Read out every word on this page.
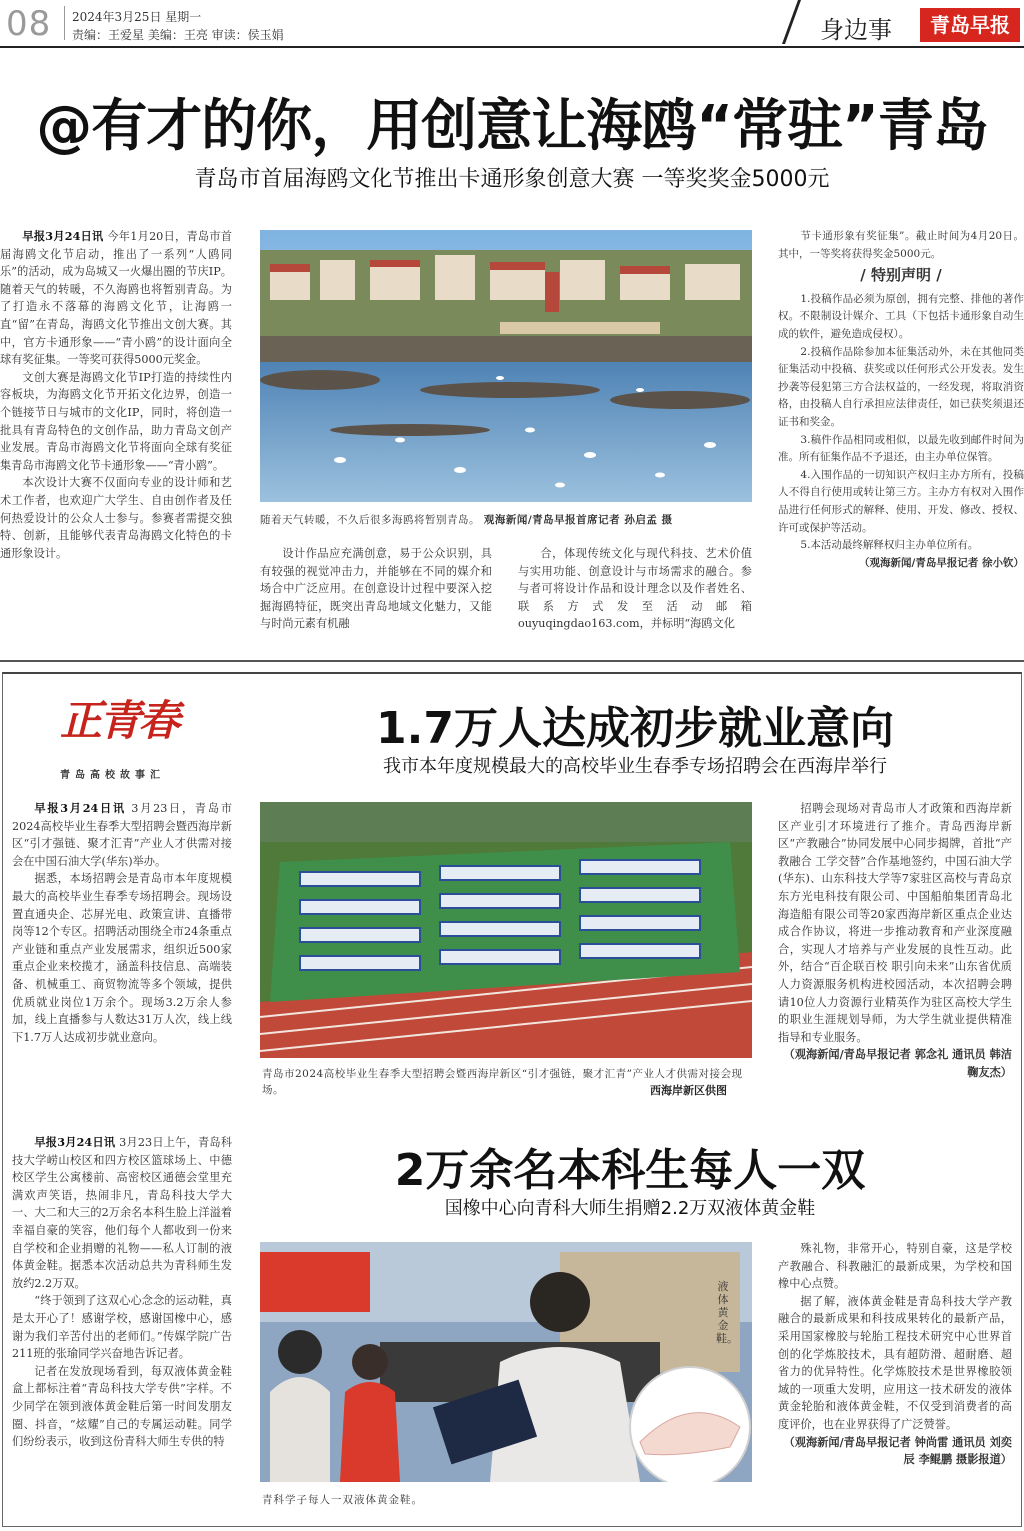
08 2024年3月25日 星期一
责编：王爱星 美编：王亮 审读：侯玉娟	身边事	青岛早报
@有才的你，用创意让海鸥“常驻”青岛
青岛市首届海鸥文化节推出卡通形象创意大赛 一等奖奖金5000元

早报3月24日讯 今年1月20日，青岛市首届海鸥文化节启动，推出了一系列“人鸥同乐”的活动，成为岛城又一火爆出圈的节庆IP。随着天气的转暖，不久海鸥也将暂别青岛。为了打造永不落幕的海鸥文化节，让海鸥一直“留”在青岛，海鸥文化节推出文创大赛。其中，官方卡通形象——“青小鸥”的设计面向全球有奖征集。一等奖可获得5000元奖金。

文创大赛是海鸥文化节IP打造的持续性内容板块，为海鸥文化节开拓文化边界，创造一个链接节日与城市的文化IP，同时，将创造一批具有青岛特色的文创作品，助力青岛文创产业发展。青岛市海鸥文化节将面向全球有奖征集青岛市海鸥文化节卡通形象——“青小鸥”。

本次设计大赛不仅面向专业的设计师和艺术工作者，也欢迎广大学生、自由创作者及任何热爱设计的公众人士参与。参赛者需提交独特、创新，且能够代表青岛海鸥文化特色的卡通形象设计。

随着天气转暖，不久后很多海鸥将暂别青岛。 观海新闻/青岛早报首席记者 孙启孟 摄
设计作品应充满创意，易于公众识别，具有较强的视觉冲击力，并能够在不同的媒介和场合中广泛应用。在创意设计过程中要深入挖掘海鸥特征，既突出青岛地域文化魅力，又能与时尚元素有机融
合，体现传统文化与现代科技、艺术价值与实用功能、创意设计与市场需求的融合。参与者可将设计作品和设计理念以及作者姓名、联系方式发至活动邮箱ouyuqingdao163.com，并标明“海鸥文化

节卡通形象有奖征集”。截止时间为4月20日。其中，一等奖将获得奖金5000元。

/ 特别声明 /

1.投稿作品必须为原创，拥有完整、排他的著作权。不限制设计媒介、工具（下包括卡通形象自动生成的软件，避免造成侵权）。

2.投稿作品除参加本征集活动外，未在其他同类征集活动中投稿、获奖或以任何形式公开发表。发生抄袭等侵犯第三方合法权益的，一经发现，将取消资格，由投稿人自行承担应法律责任，如已获奖须退还证书和奖金。

3.稿件作品相同或相似，以最先收到邮件时间为准。所有征集作品不予退还，由主办单位保管。

4.入围作品的一切知识产权归主办方所有，投稿人不得自行使用或转让第三方。主办方有权对入围作品进行任何形式的解释、使用、开发、修改、授权、许可或保护等活动。

5.本活动最终解释权归主办单位所有。

（观海新闻/青岛早报记者 徐小钦）

正青春
青岛高校故事汇
1.7万人达成初步就业意向
我市本年度规模最大的高校毕业生春季专场招聘会在西海岸举行

早报3月24日讯 3月23日，青岛市2024高校毕业生春季大型招聘会暨西海岸新区“引才强链、聚才汇青”产业人才供需对接会在中国石油大学(华东)举办。

据悉，本场招聘会是青岛市本年度规模最大的高校毕业生春季专场招聘会。现场设置直通央企、芯屏光电、政策宣讲、直播带岗等12个专区。招聘活动围绕全市24条重点产业链和重点产业发展需求，组织近500家重点企业来校揽才，涵盖科技信息、高端装备、机械重工、商贸物流等多个领域，提供优质就业岗位1万余个。现场3.2万余人参加，线上直播参与人数达31万人次，线上线下1.7万人达成初步就业意向。

青岛市2024高校毕业生春季大型招聘会暨西海岸新区“引才强链，聚才汇青”产业人才供需对接会现场。	西海岸新区供图

招聘会现场对青岛市人才政策和西海岸新区产业引才环境进行了推介。青岛西海岸新区“产教融合”协同发展中心同步揭牌，首批“产教融合 工学交替”合作基地签约，中国石油大学(华东)、山东科技大学等7家驻区高校与青岛京东方光电科技有限公司、中国船舶集团青岛北海造船有限公司等20家西海岸新区重点企业达成合作协议，将进一步推动教育和产业深度融合，实现人才培养与产业发展的良性互动。此外，结合“百企联百校 职引向未来”山东省优质人力资源服务机构进校园活动，本次招聘会聘请10位人力资源行业精英作为驻区高校大学生的职业生涯规划导师，为大学生就业提供精准指导和专业服务。

（观海新闻/青岛早报记者 郭念礼 通讯员 韩洁 鞠友杰）

早报3月24日讯 3月23日上午，青岛科技大学崂山校区和四方校区篮球场上、中德校区学生公寓楼前、高密校区通德会堂里充满欢声笑语，热闹非凡，青岛科技大学大一、大二和大三的2万余名本科生脸上洋溢着幸福自豪的笑容，他们每个人都收到一份来自学校和企业捐赠的礼物——私人订制的液体黄金鞋。据悉本次活动总共为青科师生发放约2.2万双。

“终于领到了这双心心念念的运动鞋，真是太开心了！感谢学校，感谢国橡中心，感谢为我们辛苦付出的老师们。”传媒学院广告211班的张瑜同学兴奋地告诉记者。

记者在发放现场看到，每双液体黄金鞋盒上都标注着“青岛科技大学专供”字样。不少同学在领到液体黄金鞋后第一时间发朋友圈、抖音，“炫耀”自己的专属运动鞋。同学们纷纷表示，收到这份青科大师生专供的特

2万余名本科生每人一双
国橡中心向青科大师生捐赠2.2万双液体黄金鞋
液体黄金鞋。
青科学子每人一双液体黄金鞋。

殊礼物，非常开心，特别自豪，这是学校产教融合、科教融汇的最新成果，为学校和国橡中心点赞。

据了解，液体黄金鞋是青岛科技大学产教融合的最新成果和科技成果转化的最新产品，采用国家橡胶与轮胎工程技术研究中心世界首创的化学炼胶技术，具有超防滑、超耐磨、超省力的优异特性。化学炼胶技术是世界橡胶领域的一项重大发明，应用这一技术研发的液体黄金轮胎和液体黄金鞋，不仅受到消费者的高度评价，也在业界获得了广泛赞誉。

（观海新闻/青岛早报记者 钟尚雷 通讯员 刘奕辰 李鲲鹏 摄影报道）
